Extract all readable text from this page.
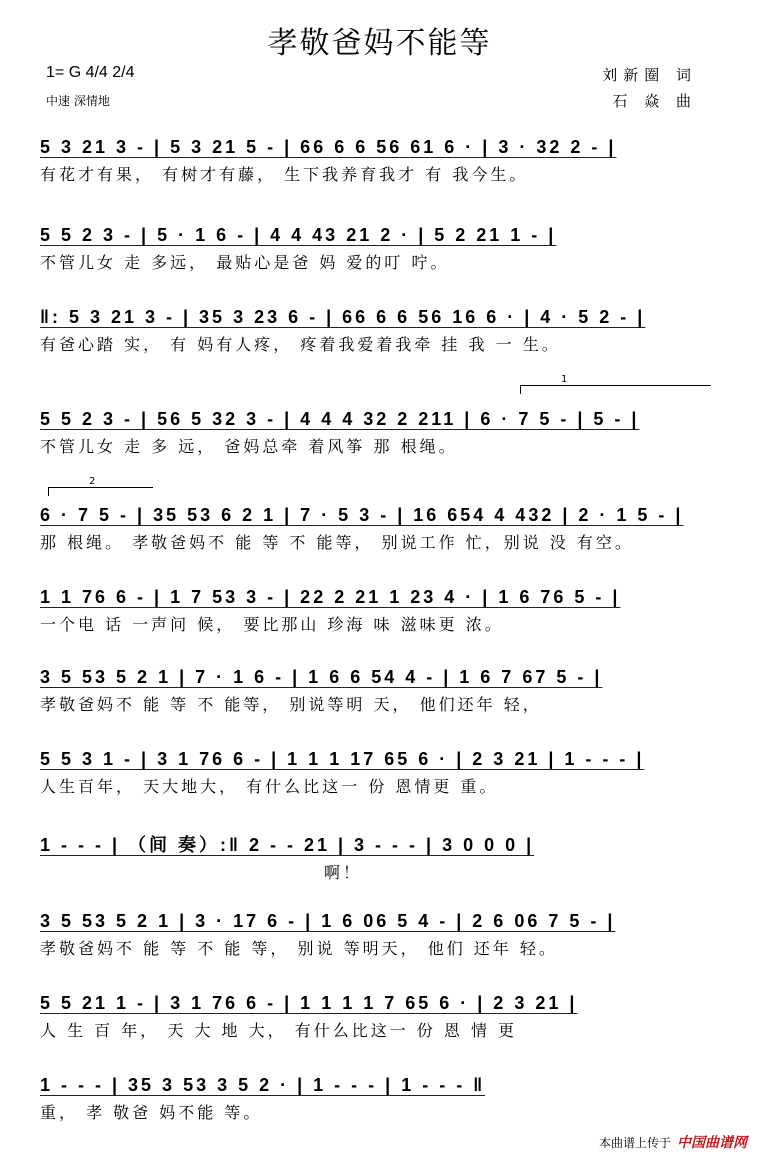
孝敬爸妈不能等
1= G 4/4 2/4
中速 深情地
刘新圈 词
石 焱 曲
1
2
5 3 21 3 - | 5 3 21 5 - | 66 6 6 56 61 6 · | 3 · 32 2 - |
有花才有果， 有树才有藤， 生下我养育我才 有 我今生。
5 5 2 3 - | 5 · 1 6 - | 4 4 43 21 2 · | 5 2 21 1 - |
不管儿女 走 多远， 最贴心是爸 妈 爱的叮 咛。
‖: 5 3 21 3 - | 35 3 23 6 - | 66 6 6 56 16 6 · | 4 · 5 2 - |
有爸心踏 实， 有 妈有人疼， 疼着我爱着我牵 挂 我 一 生。
5 5 2 3 - | 56 5 32 3 - | 4 4 4 32 2 211 | 6 · 7 5 - | 5 - |
不管儿女 走 多 远， 爸妈总牵 着风筝 那 根绳。
6 · 7 5 - | 35 53 6 2 1 | 7 · 5 3 - | 16 654 4 432 | 2 · 1 5 - |
那 根绳。 孝敬爸妈不 能 等 不 能等， 别说工作 忙，别说 没 有空。
1 1 76 6 - | 1 7 53 3 - | 22 2 21 1 23 4 · | 1 6 76 5 - |
一个电 话 一声问 候， 要比那山 珍海 味 滋味更 浓。
3 5 53 5 2 1 | 7 · 1 6 - | 1 6 6 54 4 - | 1 6 7 67 5 - |
孝敬爸妈不 能 等 不 能等， 别说等明 天， 他们还年 轻，
5 5 3 1 - | 3 1 76 6 - | 1 1 1 17 65 6 · | 2 3 21 | 1 - - - |
人生百年， 天大地大， 有什么比这一 份 恩情更 重。
1 - - - | （间 奏）:‖ 2 - - 21 | 3 - - - | 3 0 0 0 |
啊！
3 5 53 5 2 1 | 3 · 17 6 - | 1 6 06 5 4 - | 2 6 06 7 5 - |
孝敬爸妈不 能 等 不 能 等， 别说 等明天， 他们 还年 轻。
5 5 21 1 - | 3 1 76 6 - | 1 1 1 1 7 65 6 · | 2 3 21 |
人 生 百 年， 天 大 地 大， 有什么比这一 份 恩 情 更
1 - - - | 35 3 53 3 5 2 · | 1 - - - | 1 - - - ‖
重， 孝 敬爸 妈不能 等。
本曲谱上传于 中国曲谱网
